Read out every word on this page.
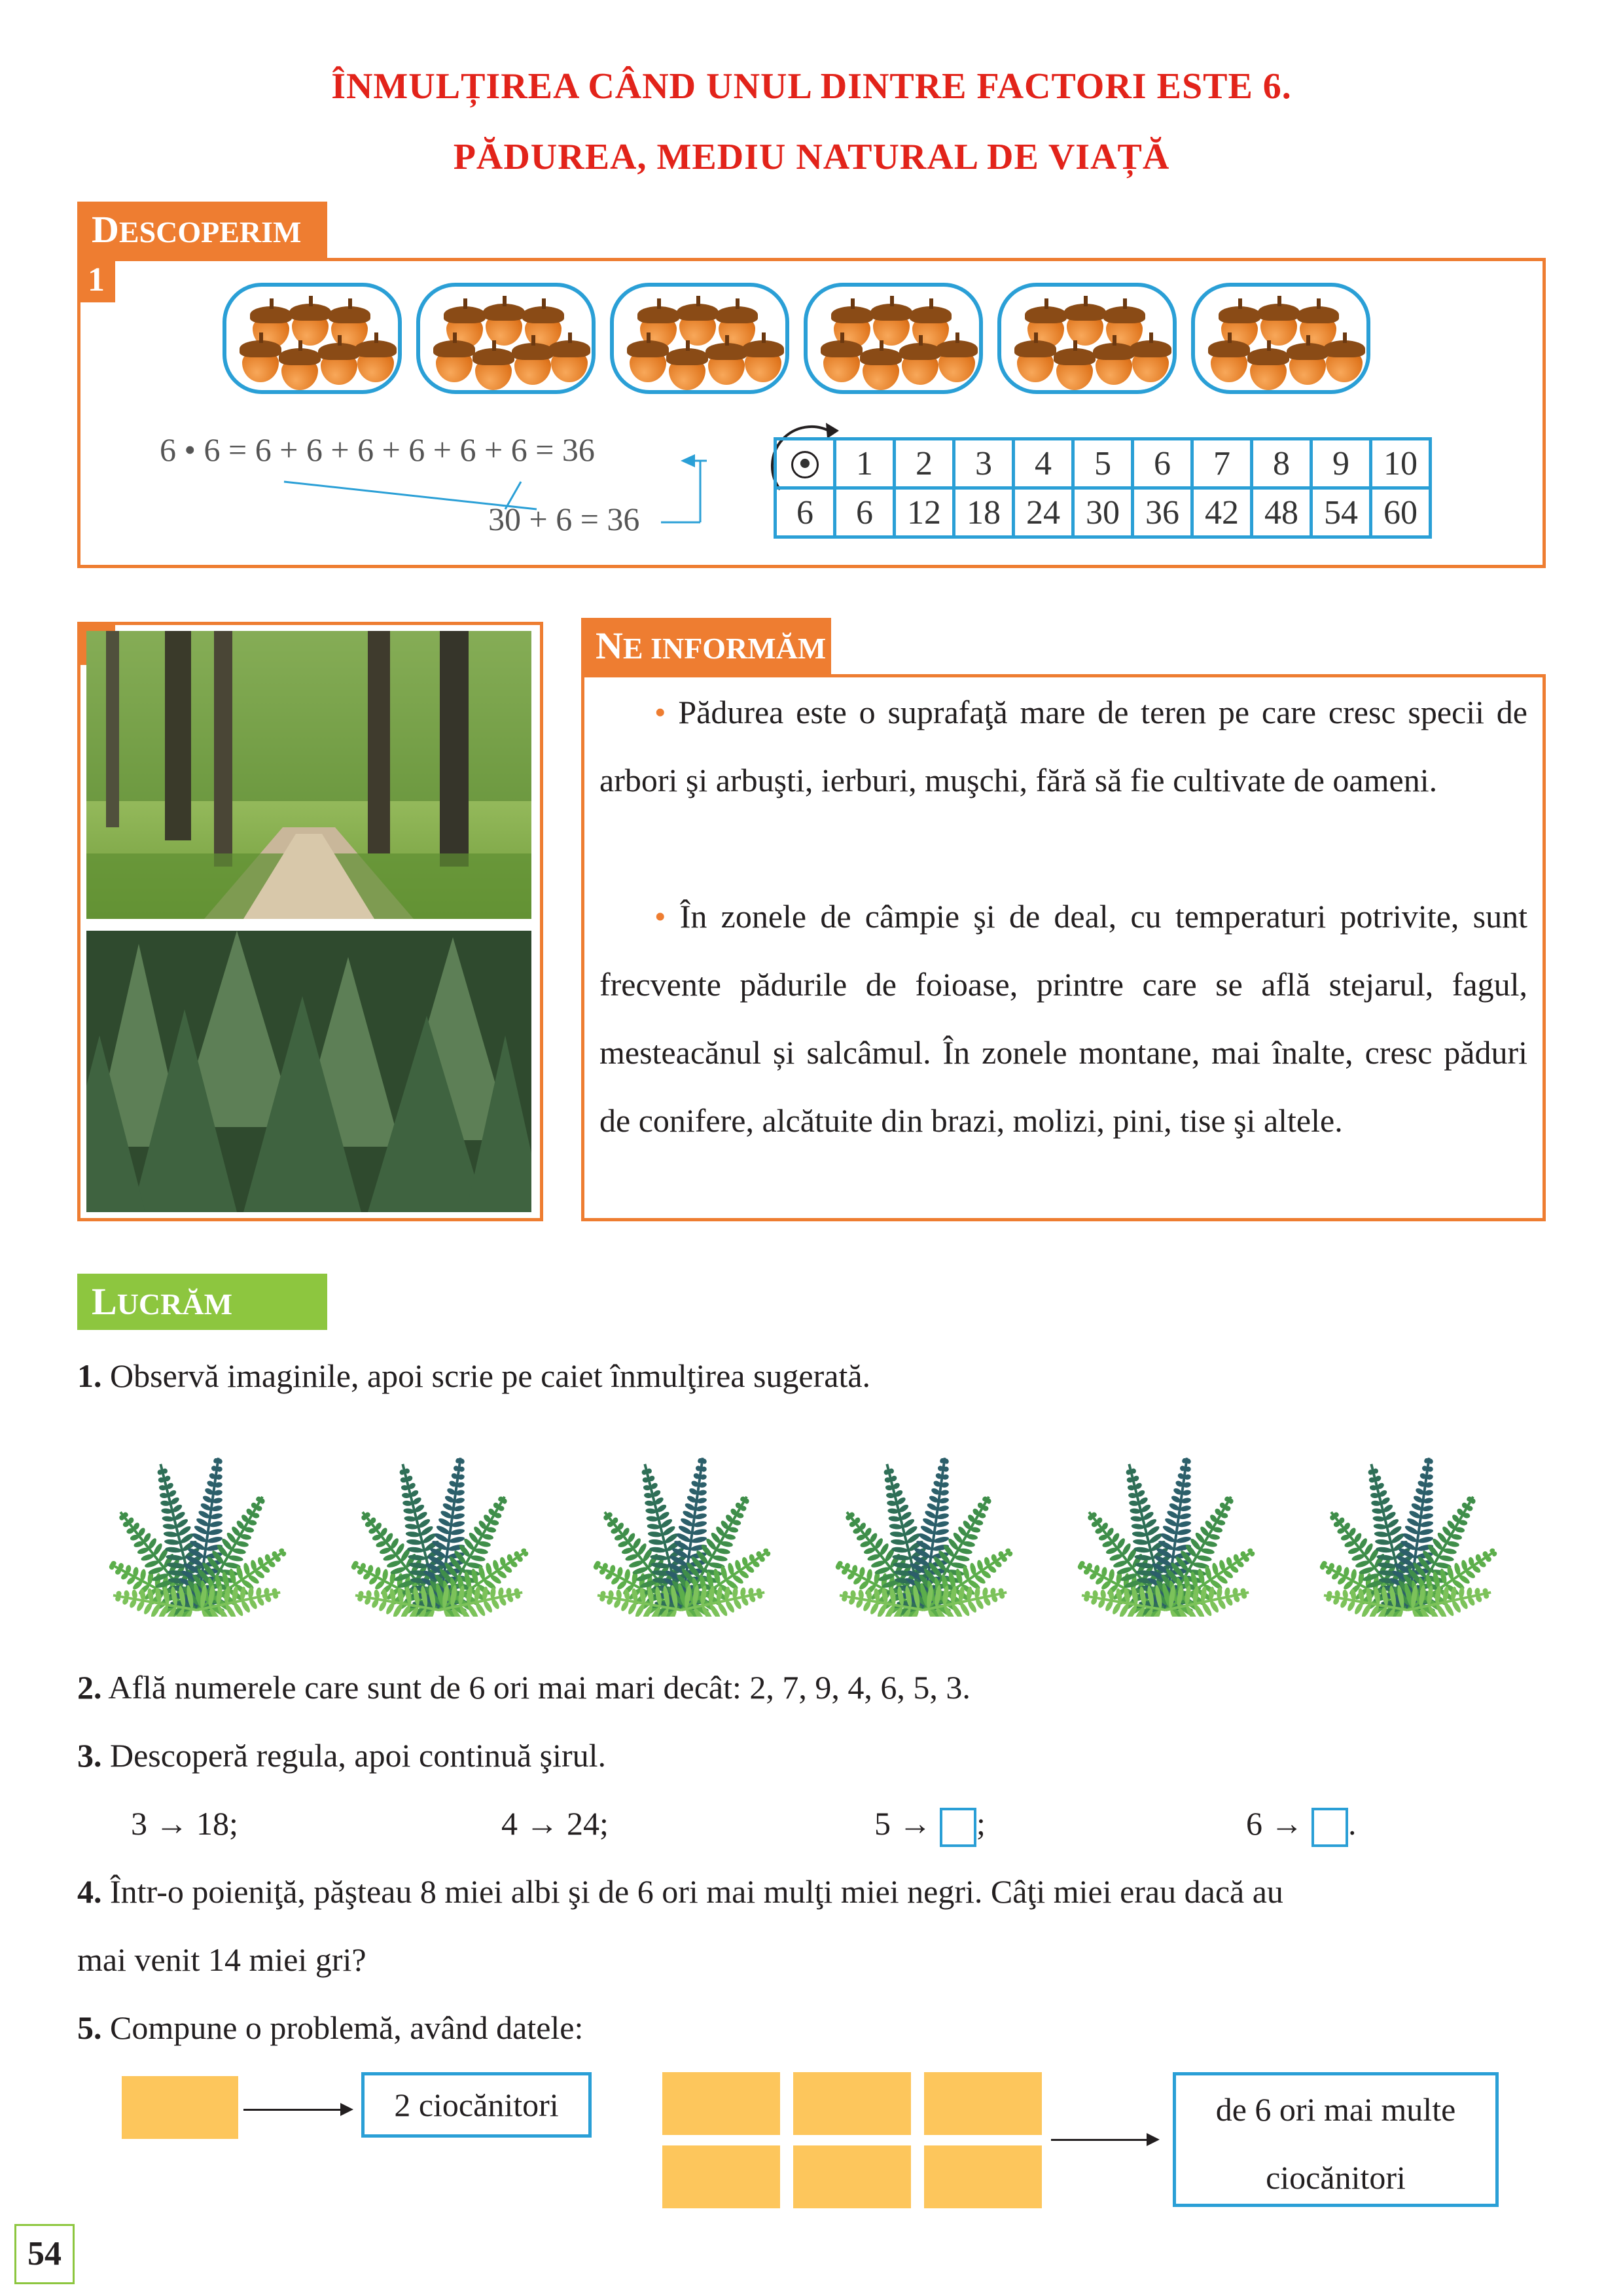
ÎNMULȚIREA CÂND UNUL DINTRE FACTORI ESTE 6.
PĂDUREA, MEDIU NATURAL DE VIAȚĂ
DESCOPERIM
1
6 • 6 = 6 + 6 + 6 + 6 + 6 + 6 = 36
30 + 6 = 36
•	1	2	3	4	5	6	7	8	9	10
6	6	12	18	24	30	36	42	48	54	60
NE INFORMĂM
• Pădurea este o suprafaţă mare de teren pe care cresc specii de arbori şi arbuşti, ierburi, muşchi, fără să fie cultivate de oameni.
• În zonele de câmpie şi de deal, cu temperaturi potrivite, sunt frecvente pădurile de foioase, printre care se află stejarul, fagul, mesteacănul și salcâmul. În zonele montane, mai înalte, cresc păduri de conifere, alcătuite din brazi, molizi, pini, tise şi altele.
LUCRĂM
1. Observă imaginile, apoi scrie pe caiet înmulţirea sugerată.
2. Află numerele care sunt de 6 ori mai mari decât: 2, 7, 9, 4, 6, 5, 3.
3. Descoperă regula, apoi continuă şirul.
3 → 18;	4 → 24;	5 → ;	6 → .
4. Într-o poieniţă, păşteau 8 miei albi şi de 6 ori mai mulţi miei negri. Câţi miei erau dacă au
mai venit 14 miei gri?
5. Compune o problemă, având datele:
2 ciocănitori	de 6 ori mai multe
ciocănitori
54
